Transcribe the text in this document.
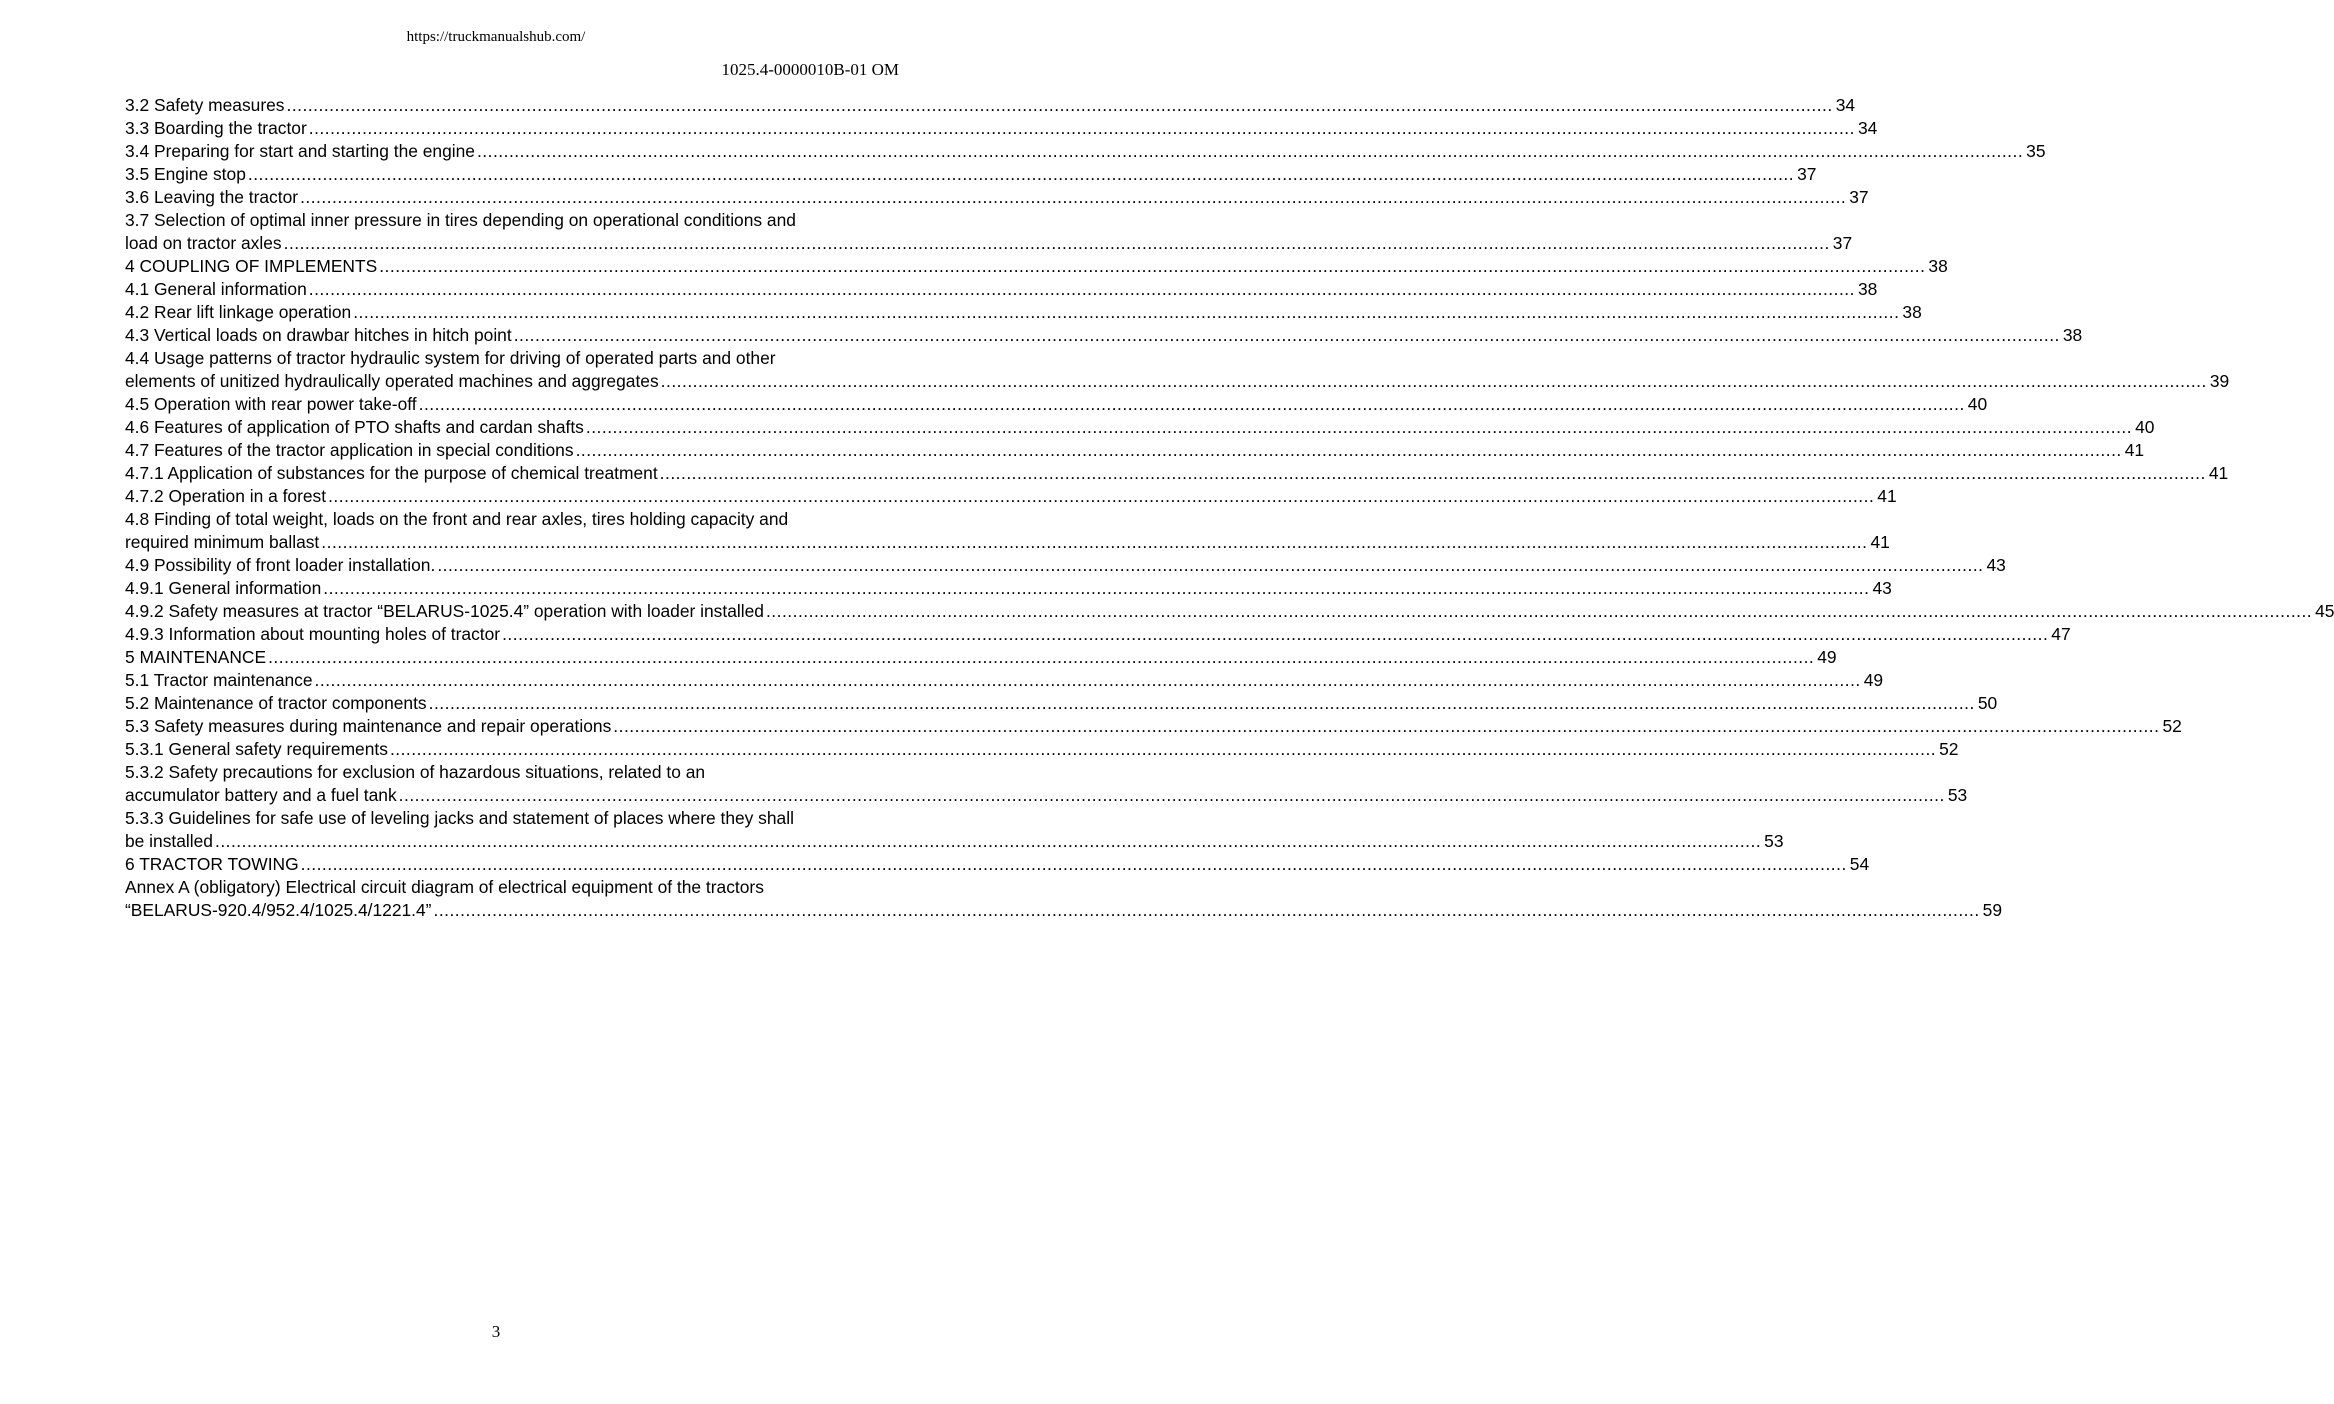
https://truckmanualshub.com/
1025.4-0000010B-01 OM
3.2 Safety measures .....	34
3.3 Boarding the tractor .....	34
3.4 Preparing for start and starting the engine .....	35
3.5 Engine stop .....	37
3.6 Leaving the tractor .....	37
3.7 Selection of optimal inner pressure in tires depending on operational conditions and
load on tractor axles .....	37
4 COUPLING OF IMPLEMENTS .....	38
4.1 General information .....	38
4.2 Rear lift linkage operation .....	38
4.3 Vertical loads on drawbar hitches in hitch point .....	38
4.4 Usage patterns of tractor hydraulic system for driving of operated parts and other
elements of unitized hydraulically operated machines and aggregates .....	39
4.5 Operation with rear power take-off .....	40
4.6 Features of application of PTO shafts and cardan shafts .....	40
4.7 Features of the tractor application in special conditions .....	41
4.7.1 Application of substances for the purpose of chemical treatment .....	41
4.7.2 Operation in a forest .....	41
4.8 Finding of total weight, loads on the front and rear axles, tires holding capacity and
required minimum ballast .....	41
4.9 Possibility of front loader installation. .....	43
4.9.1 General information .....	43
4.9.2 Safety measures at tractor “BELARUS-1025.4” operation with loader installed .....	45
4.9.3 Information about mounting holes of tractor .....	47
5 MAINTENANCE .....	49
5.1 Tractor maintenance .....	49
5.2 Maintenance of tractor components .....	50
5.3 Safety measures during maintenance and repair operations .....	52
5.3.1 General safety requirements .....	52
5.3.2 Safety precautions for exclusion of hazardous situations, related to an
accumulator battery and a fuel tank .....	53
5.3.3 Guidelines for safe use of leveling jacks and statement of places where they shall
be installed .....	53
6 TRACTOR TOWING .....	54
Annex A (obligatory) Electrical circuit diagram of electrical equipment of the tractors
“BELARUS-920.4/952.4/1025.4/1221.4” .....	59
3
